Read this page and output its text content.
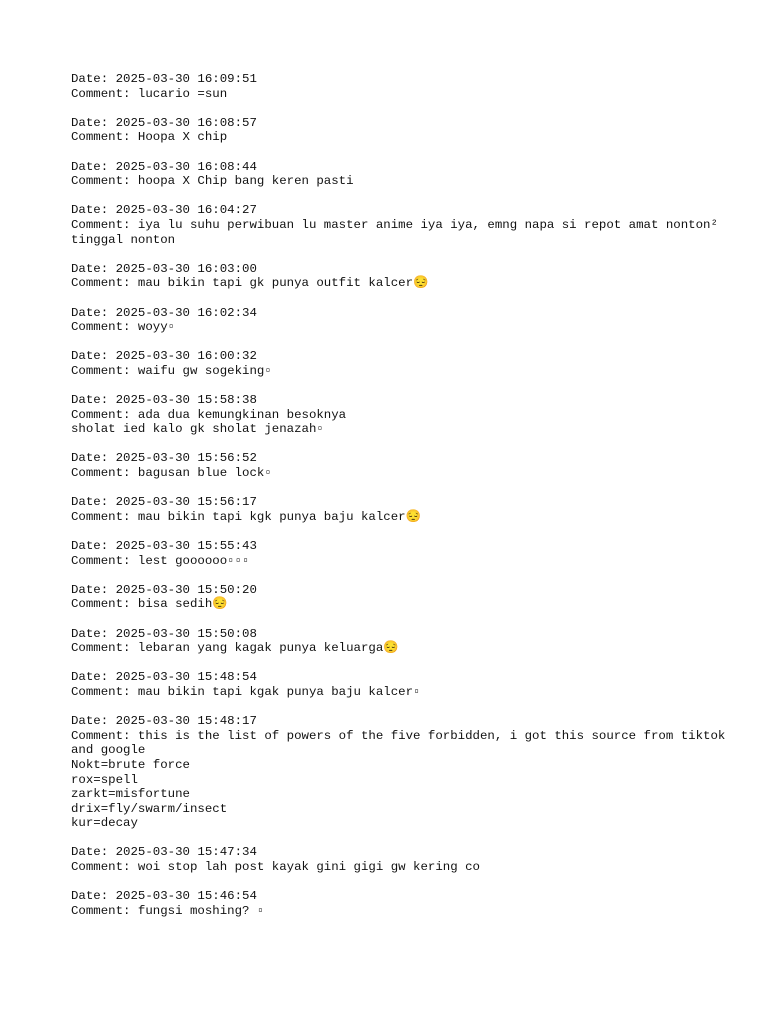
Date: 2025-03-30 16:09:51
Comment: lucario =sun
Date: 2025-03-30 16:08:57
Comment: Hoopa X chip
Date: 2025-03-30 16:08:44
Comment: hoopa X Chip bang keren pasti
Date: 2025-03-30 16:04:27
Comment: iya lu suhu perwibuan lu master anime iya iya, emng napa si repot amat nonton² tinggal nonton
Date: 2025-03-30 16:03:00
Comment: mau bikin tapi gk punya outfit kalcer😔
Date: 2025-03-30 16:02:34
Comment: woyy▫
Date: 2025-03-30 16:00:32
Comment: waifu gw sogeking▫
Date: 2025-03-30 15:58:38
Comment: ada dua kemungkinan besoknya
sholat ied kalo gk sholat jenazah▫
Date: 2025-03-30 15:56:52
Comment: bagusan blue lock▫
Date: 2025-03-30 15:56:17
Comment: mau bikin tapi kgk punya baju kalcer😔
Date: 2025-03-30 15:55:43
Comment: lest goooooo▫▫▫
Date: 2025-03-30 15:50:20
Comment: bisa sedih😔
Date: 2025-03-30 15:50:08
Comment: lebaran yang kagak punya keluarga😔
Date: 2025-03-30 15:48:54
Comment: mau bikin tapi kgak punya baju kalcer▫
Date: 2025-03-30 15:48:17
Comment: this is the list of powers of the five forbidden, i got this source from tiktok and google
Nokt=brute force
rox=spell
zarkt=misfortune
drix=fly/swarm/insect
kur=decay
Date: 2025-03-30 15:47:34
Comment: woi stop lah post kayak gini gigi gw kering co
Date: 2025-03-30 15:46:54
Comment: fungsi moshing? ▫
